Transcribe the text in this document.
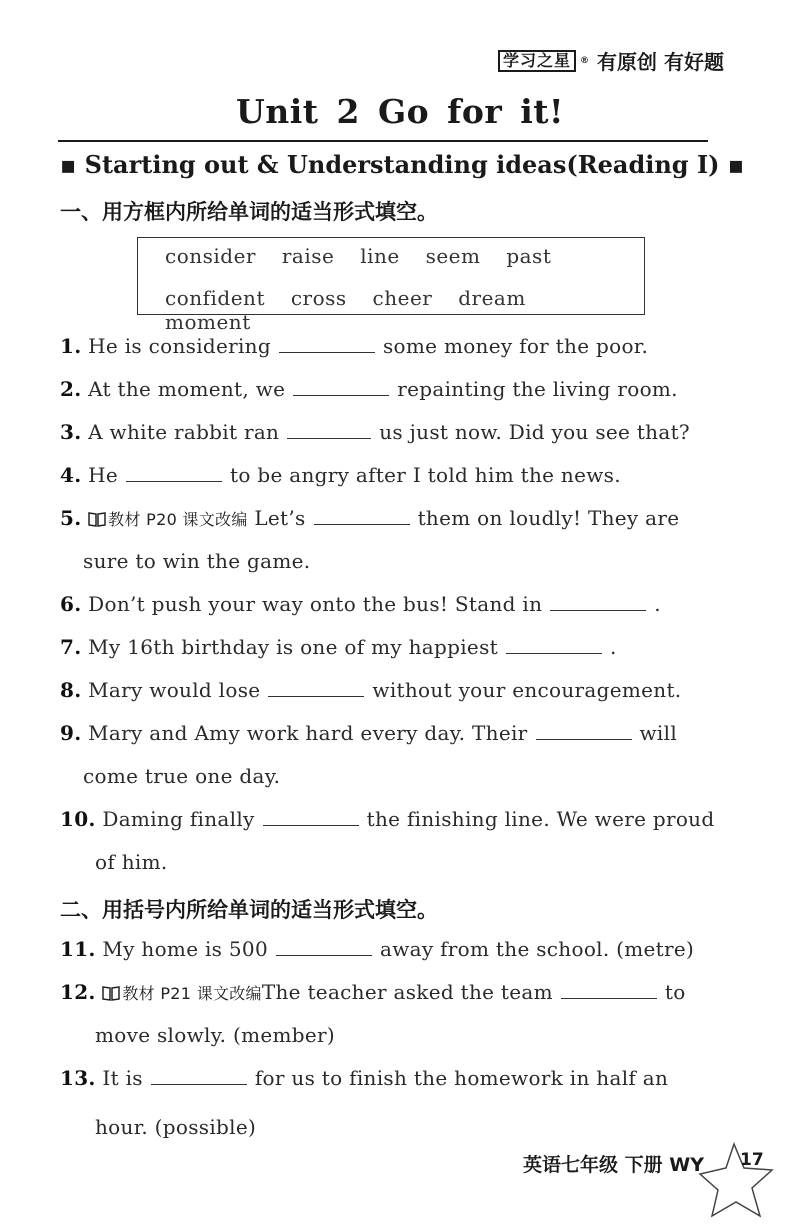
学习之星	® 有原创 有好题
Unit 2 Go for it!
▪ Starting out & Understanding ideas(Reading Ⅰ) ▪
一、用方框内所给单词的适当形式填空。
consider raise line seem past
confident cross cheer dream moment
1. He is considering	some money for the poor.
2. At the moment, we	repainting the living room.
3. A white rabbit ran	us just now. Did you see that?
4. He	to be angry after I told him the news.
5. 教材 P20 课文改编 Let’s	them on loudly! They are
sure to win the game.
6. Don’t push your way onto the bus! Stand in	.
7. My 16th birthday is one of my happiest	.
8. Mary would lose	without your encouragement.
9. Mary and Amy work hard every day. Their	will
come true one day.
10. Daming finally	the finishing line. We were proud
of him.
二、用括号内所给单词的适当形式填空。
11. My home is 500	away from the school. (metre)
12. 教材 P21 课文改编The teacher asked the team	to
move slowly. (member)
13. It is	for us to finish the homework in half an
hour. (possible)
英语七年级 下册 WY 17
